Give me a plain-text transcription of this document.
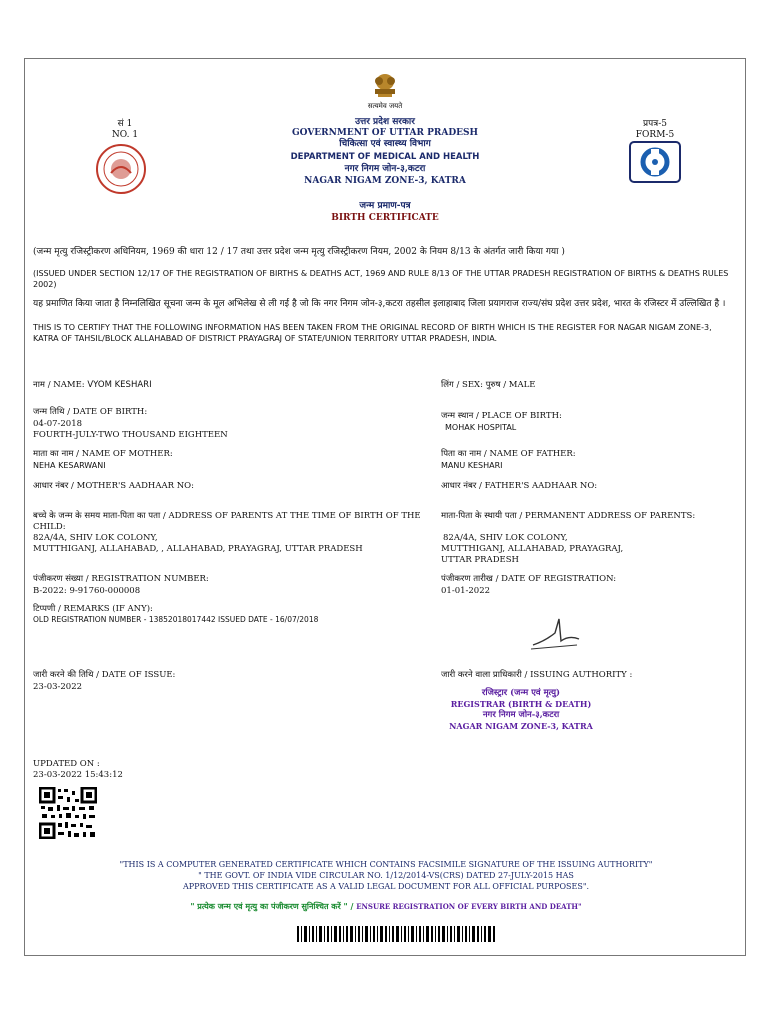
सत्यमेव जयते
सं 1
NO. 1
प्रपत्र-5
FORM-5
उत्तर प्रदेश सरकार
GOVERNMENT OF UTTAR PRADESH
चिकित्सा एवं स्वास्थ्य विभाग
DEPARTMENT OF MEDICAL AND HEALTH
नगर निगम जोन-३,कटरा
NAGAR NIGAM ZONE-3, KATRA
जन्म प्रमाण-पत्र
BIRTH CERTIFICATE
(जन्म मृत्यु रजिस्ट्रीकरण अधिनियम, 1969 की धारा 12 / 17 तथा उत्तर प्रदेश जन्म मृत्यु रजिस्ट्रीकरण नियम, 2002 के नियम 8/13 के अंतर्गत जारी किया गया )
(ISSUED UNDER SECTION 12/17 OF THE REGISTRATION OF BIRTHS & DEATHS ACT, 1969 AND RULE 8/13 OF THE UTTAR PRADESH REGISTRATION OF BIRTHS & DEATHS RULES 2002)
यह प्रमाणित किया जाता है निम्नलिखित सूचना जन्म के मूल अभिलेख से ली गई है जो कि नगर निगम जोन-३,कटरा तहसील इलाहाबाद जिला प्रयागराज राज्य/संघ प्रदेश उत्तर प्रदेश, भारत के रजिस्टर में उल्लिखित है ।
THIS IS TO CERTIFY THAT THE FOLLOWING INFORMATION HAS BEEN TAKEN FROM THE ORIGINAL RECORD OF BIRTH WHICH IS THE REGISTER FOR NAGAR NIGAM ZONE-3, KATRA OF TAHSIL/BLOCK ALLAHABAD OF DISTRICT PRAYAGRAJ OF STATE/UNION TERRITORY UTTAR PRADESH, INDIA.
नाम / NAME: VYOM KESHARI	लिंग / SEX: पुरुष / MALE
जन्म तिथि / DATE OF BIRTH:
04-07-2018
FOURTH-JULY-TWO THOUSAND EIGHTEEN
जन्म स्थान / PLACE OF BIRTH:
MOHAK HOSPITAL
माता का नाम / NAME OF MOTHER:
NEHA KESARWANI
पिता का नाम / NAME OF FATHER:
MANU KESHARI
आधार नंबर / MOTHER'S AADHAAR NO:	आधार नंबर / FATHER'S AADHAAR NO:
बच्चे के जन्म के समय माता-पिता का पता / ADDRESS OF PARENTS AT THE TIME OF BIRTH OF THE CHILD:
82A/4A, SHIV LOK COLONY,
MUTTHIGANJ, ALLAHABAD, , ALLAHABAD, PRAYAGRAJ, UTTAR PRADESH
माता-पिता के स्थायी पता / PERMANENT ADDRESS OF PARENTS:
82A/4A, SHIV LOK COLONY,
MUTTHIGANJ, ALLAHABAD, PRAYAGRAJ,
UTTAR PRADESH
पंजीकरण संख्या / REGISTRATION NUMBER:
B-2022: 9-91760-000008
पंजीकरण तारीख / DATE OF REGISTRATION:
01-01-2022
टिप्पणी / REMARKS (IF ANY):
OLD REGISTRATION NUMBER - 13852018017442 ISSUED DATE - 16/07/2018
जारी करने की तिथि / DATE OF ISSUE:
23-03-2022
जारी करने वाला प्राधिकारी / ISSUING AUTHORITY :
रजिस्ट्रार (जन्म एवं मृत्यु)
REGISTRAR (BIRTH & DEATH)
नगर निगम जोन-३,कटरा
NAGAR NIGAM ZONE-3, KATRA
UPDATED ON :
23-03-2022 15:43:12
"THIS IS A COMPUTER GENERATED CERTIFICATE WHICH CONTAINS FACSIMILE SIGNATURE OF THE ISSUING AUTHORITY"
" THE GOVT. OF INDIA VIDE CIRCULAR NO. 1/12/2014-VS(CRS) DATED 27-JULY-2015 HAS
APPROVED THIS CERTIFICATE AS A VALID LEGAL DOCUMENT FOR ALL OFFICIAL PURPOSES".
" प्रत्येक जन्म एवं मृत्यु का पंजीकरण सुनिश्चित करें " / ENSURE REGISTRATION OF EVERY BIRTH AND DEATH"
